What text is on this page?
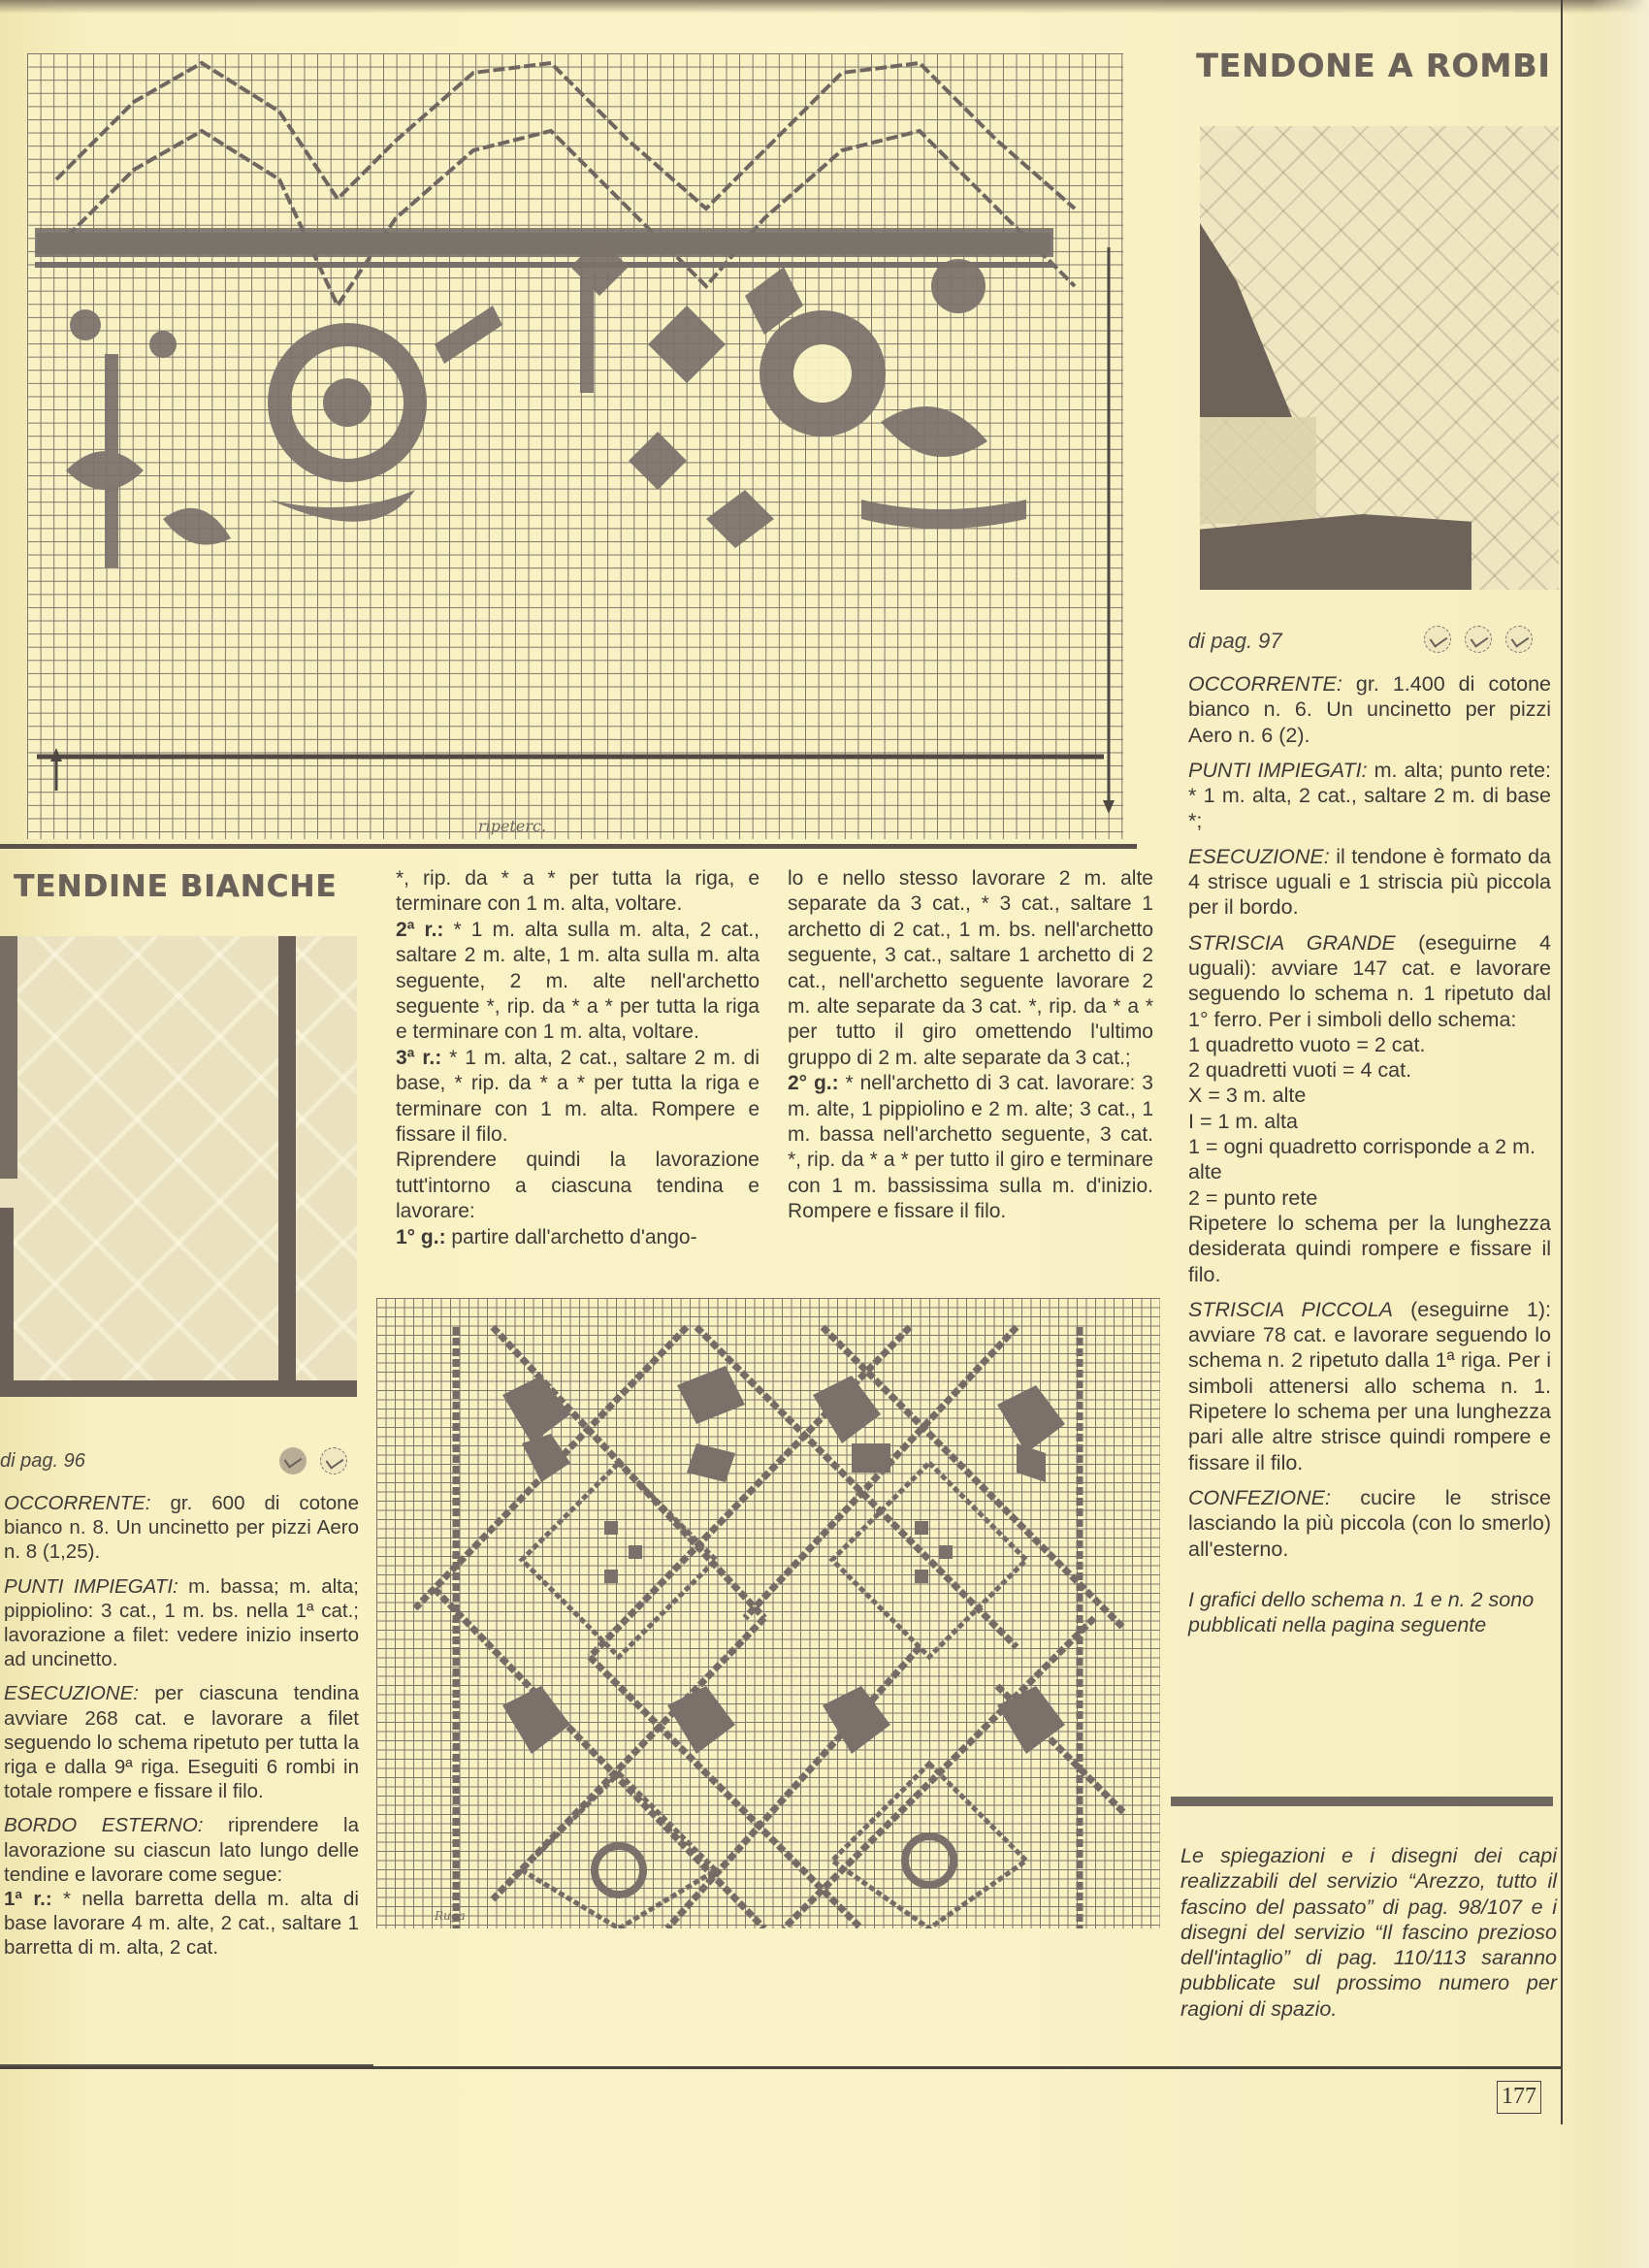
ripeterc.
TENDONE A ROMBI
di pag. 97

OCCORRENTE: gr. 1.400 di cotone bianco n. 6. Un uncinetto per pizzi Aero n. 6 (2).

PUNTI IMPIEGATI: m. alta; punto rete: * 1 m. alta, 2 cat., saltare 2 m. di base *;

ESECUZIONE: il tendone è formato da 4 strisce uguali e 1 striscia più piccola per il bordo.

STRISCIA GRANDE (eseguirne 4 uguali): avviare 147 cat. e lavorare seguendo lo schema n. 1 ripetuto dal 1° ferro. Per i simboli dello schema:
1 quadretto vuoto = 2 cat.
2 quadretti vuoti = 4 cat.
X = 3 m. alte
I = 1 m. alta
1 = ogni quadretto corrisponde a 2 m. alte
2 = punto rete

Ripetere lo schema per la lunghezza desiderata quindi rompere e fissare il filo.

STRISCIA PICCOLA (eseguirne 1): avviare 78 cat. e lavorare seguendo lo schema n. 2 ripetuto dalla 1ª riga. Per i simboli attenersi allo schema n. 1. Ripetere lo schema per una lunghezza pari alle altre strisce quindi rompere e fissare il filo.

CONFEZIONE: cucire le strisce lasciando la più piccola (con lo smerlo) all'esterno.

I grafici dello schema n. 1 e n. 2 sono pubblicati nella pagina seguente

Le spiegazioni e i disegni dei capi realizzabili del servizio “Arezzo, tutto il fascino del passato” di pag. 98/107 e i disegni del servizio “Il fascino prezioso dell'intaglio” di pag. 110/113 saranno pubblicate sul prossimo numero per ragioni di spazio.
TENDINE BIANCHE
di pag. 96

OCCORRENTE: gr. 600 di cotone bianco n. 8. Un uncinetto per pizzi Aero n. 8 (1,25).

PUNTI IMPIEGATI: m. bassa; m. alta; pippiolino: 3 cat., 1 m. bs. nella 1ª cat.; lavorazione a filet: vedere inizio inserto ad uncinetto.

ESECUZIONE: per ciascuna tendina avviare 268 cat. e lavorare a filet seguendo lo schema ripetuto per tutta la riga e dalla 9ª riga. Eseguiti 6 rombi in totale rompere e fissare il filo.

BORDO ESTERNO: riprendere la lavorazione su ciascun lato lungo delle tendine e lavorare come segue:
1ª r.: * nella barretta della m. alta di base lavorare 4 m. alte, 2 cat., saltare 1 barretta di m. alta, 2 cat.
*, rip. da * a * per tutta la riga, e terminare con 1 m. alta, voltare.
2ª r.: * 1 m. alta sulla m. alta, 2 cat., saltare 2 m. alte, 1 m. alta sulla m. alta seguente, 2 m. alte nell'archetto seguente *, rip. da * a * per tutta la riga e terminare con 1 m. alta, voltare.
3ª r.: * 1 m. alta, 2 cat., saltare 2 m. di base, * rip. da * a * per tutta la riga e terminare con 1 m. alta. Rompere e fissare il filo.
Riprendere quindi la lavorazione tutt'intorno a ciascuna tendina e lavorare:
1° g.: partire dall'archetto d'ango-
lo e nello stesso lavorare 2 m. alte separate da 3 cat., * 3 cat., saltare 1 archetto di 2 cat., 1 m. bs. nell'archetto seguente, 3 cat., saltare 1 archetto di 2 cat., nell'archetto seguente lavorare 2 m. alte separate da 3 cat. *, rip. da * a * per tutto il giro omettendo l'ultimo gruppo di 2 m. alte separate da 3 cat.;
2° g.: * nell'archetto di 3 cat. lavorare: 3 m. alte, 1 pippiolino e 2 m. alte; 3 cat., 1 m. bassa nell'archetto seguente, 3 cat. *, rip. da * a * per tutto il giro e terminare con 1 m. bassissima sulla m. d'inizio. Rompere e fissare il filo.
Ruga
177
